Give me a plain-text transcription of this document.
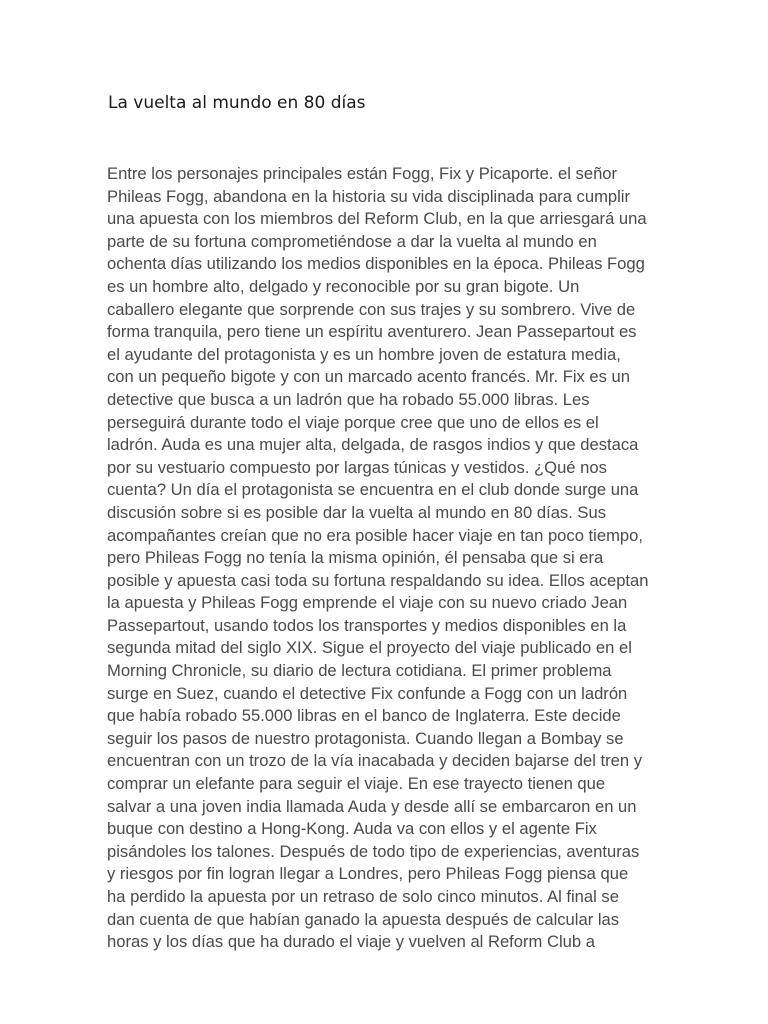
La vuelta al mundo en 80 días
Entre los personajes principales están Fogg, Fix y Picaporte. el señor
Phileas Fogg, abandona en la historia su vida disciplinada para cumplir
una apuesta con los miembros del Reform Club, en la que arriesgará una
parte de su fortuna comprometiéndose a dar la vuelta al mundo en
ochenta días utilizando los medios disponibles en la época. Phileas Fogg
es un hombre alto, delgado y reconocible por su gran bigote. Un
caballero elegante que sorprende con sus trajes y su sombrero. Vive de
forma tranquila, pero tiene un espíritu aventurero. Jean Passepartout es
el ayudante del protagonista y es un hombre joven de estatura media,
con un pequeño bigote y con un marcado acento francés. Mr. Fix es un
detective que busca a un ladrón que ha robado 55.000 libras. Les
perseguirá durante todo el viaje porque cree que uno de ellos es el
ladrón. Auda es una mujer alta, delgada, de rasgos indios y que destaca
por su vestuario compuesto por largas túnicas y vestidos. ¿Qué nos
cuenta? Un día el protagonista se encuentra en el club donde surge una
discusión sobre si es posible dar la vuelta al mundo en 80 días. Sus
acompañantes creían que no era posible hacer viaje en tan poco tiempo,
pero Phileas Fogg no tenía la misma opinión, él pensaba que si era
posible y apuesta casi toda su fortuna respaldando su idea. Ellos aceptan
la apuesta y Phileas Fogg emprende el viaje con su nuevo criado Jean
Passepartout, usando todos los transportes y medios disponibles en la
segunda mitad del siglo XIX. Sigue el proyecto del viaje publicado en el
Morning Chronicle, su diario de lectura cotidiana. El primer problema
surge en Suez, cuando el detective Fix confunde a Fogg con un ladrón
que había robado 55.000 libras en el banco de Inglaterra. Este decide
seguir los pasos de nuestro protagonista. Cuando llegan a Bombay se
encuentran con un trozo de la vía inacabada y deciden bajarse del tren y
comprar un elefante para seguir el viaje. En ese trayecto tienen que
salvar a una joven india llamada Auda y desde allí se embarcaron en un
buque con destino a Hong-Kong. Auda va con ellos y el agente Fix
pisándoles los talones. Después de todo tipo de experiencias, aventuras
y riesgos por fin logran llegar a Londres, pero Phileas Fogg piensa que
ha perdido la apuesta por un retraso de solo cinco minutos. Al final se
dan cuenta de que habían ganado la apuesta después de calcular las
horas y los días que ha durado el viaje y vuelven al Reform Club a
